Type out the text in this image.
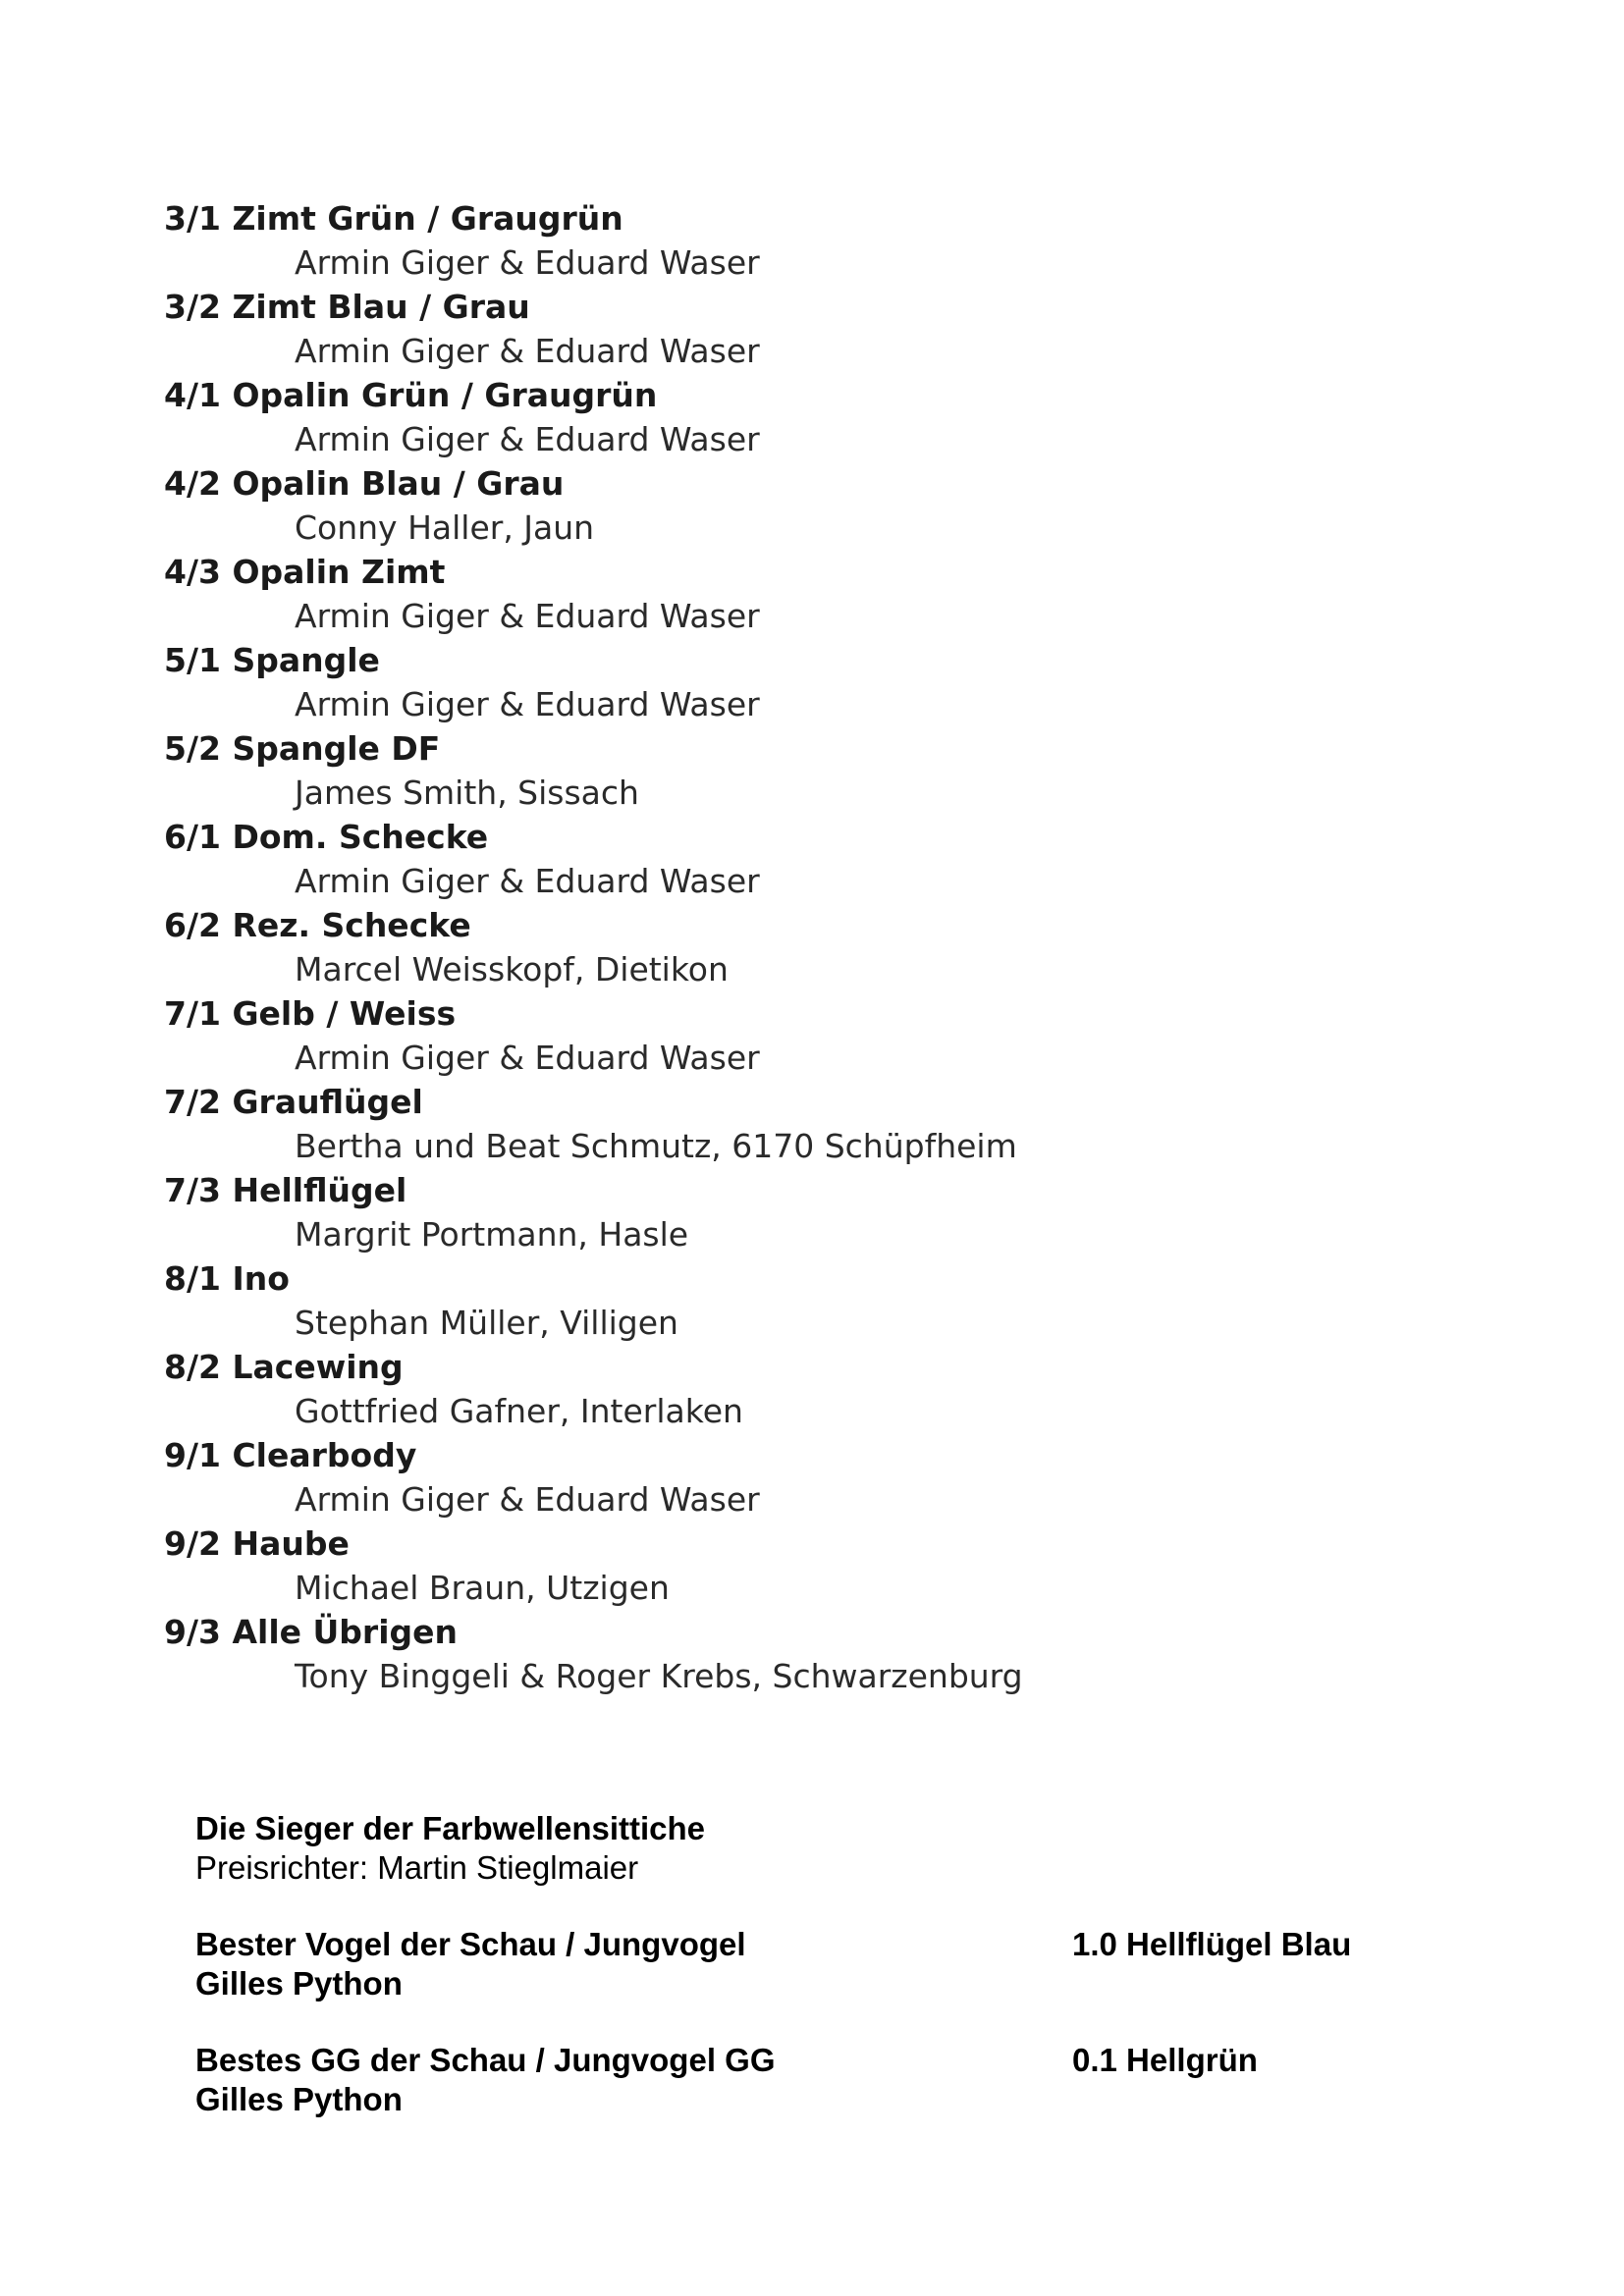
3/1 Zimt Grün / Graugrün
Armin Giger & Eduard Waser
3/2 Zimt Blau / Grau
Armin Giger & Eduard Waser
4/1 Opalin Grün / Graugrün
Armin Giger & Eduard Waser
4/2 Opalin Blau / Grau
Conny Haller, Jaun
4/3 Opalin Zimt
Armin Giger & Eduard Waser
5/1 Spangle
Armin Giger & Eduard Waser
5/2 Spangle DF
James Smith, Sissach
6/1 Dom. Schecke
Armin Giger & Eduard Waser
6/2 Rez. Schecke
Marcel Weisskopf, Dietikon
7/1 Gelb / Weiss
Armin Giger & Eduard Waser
7/2 Grauflügel
Bertha und Beat Schmutz, 6170 Schüpfheim
7/3 Hellflügel
Margrit Portmann, Hasle
8/1 Ino
Stephan Müller, Villigen
8/2 Lacewing
Gottfried Gafner, Interlaken
9/1 Clearbody
Armin Giger & Eduard Waser
9/2 Haube
Michael Braun, Utzigen
9/3 Alle Übrigen
Tony Binggeli & Roger Krebs, Schwarzenburg
Die Sieger der Farbwellensittiche
Preisrichter: Martin Stieglmaier
Bester Vogel der Schau / Jungvogel
Gilles Python
1.0 Hellflügel Blau
Bestes GG der Schau / Jungvogel GG
Gilles Python
0.1 Hellgrün
